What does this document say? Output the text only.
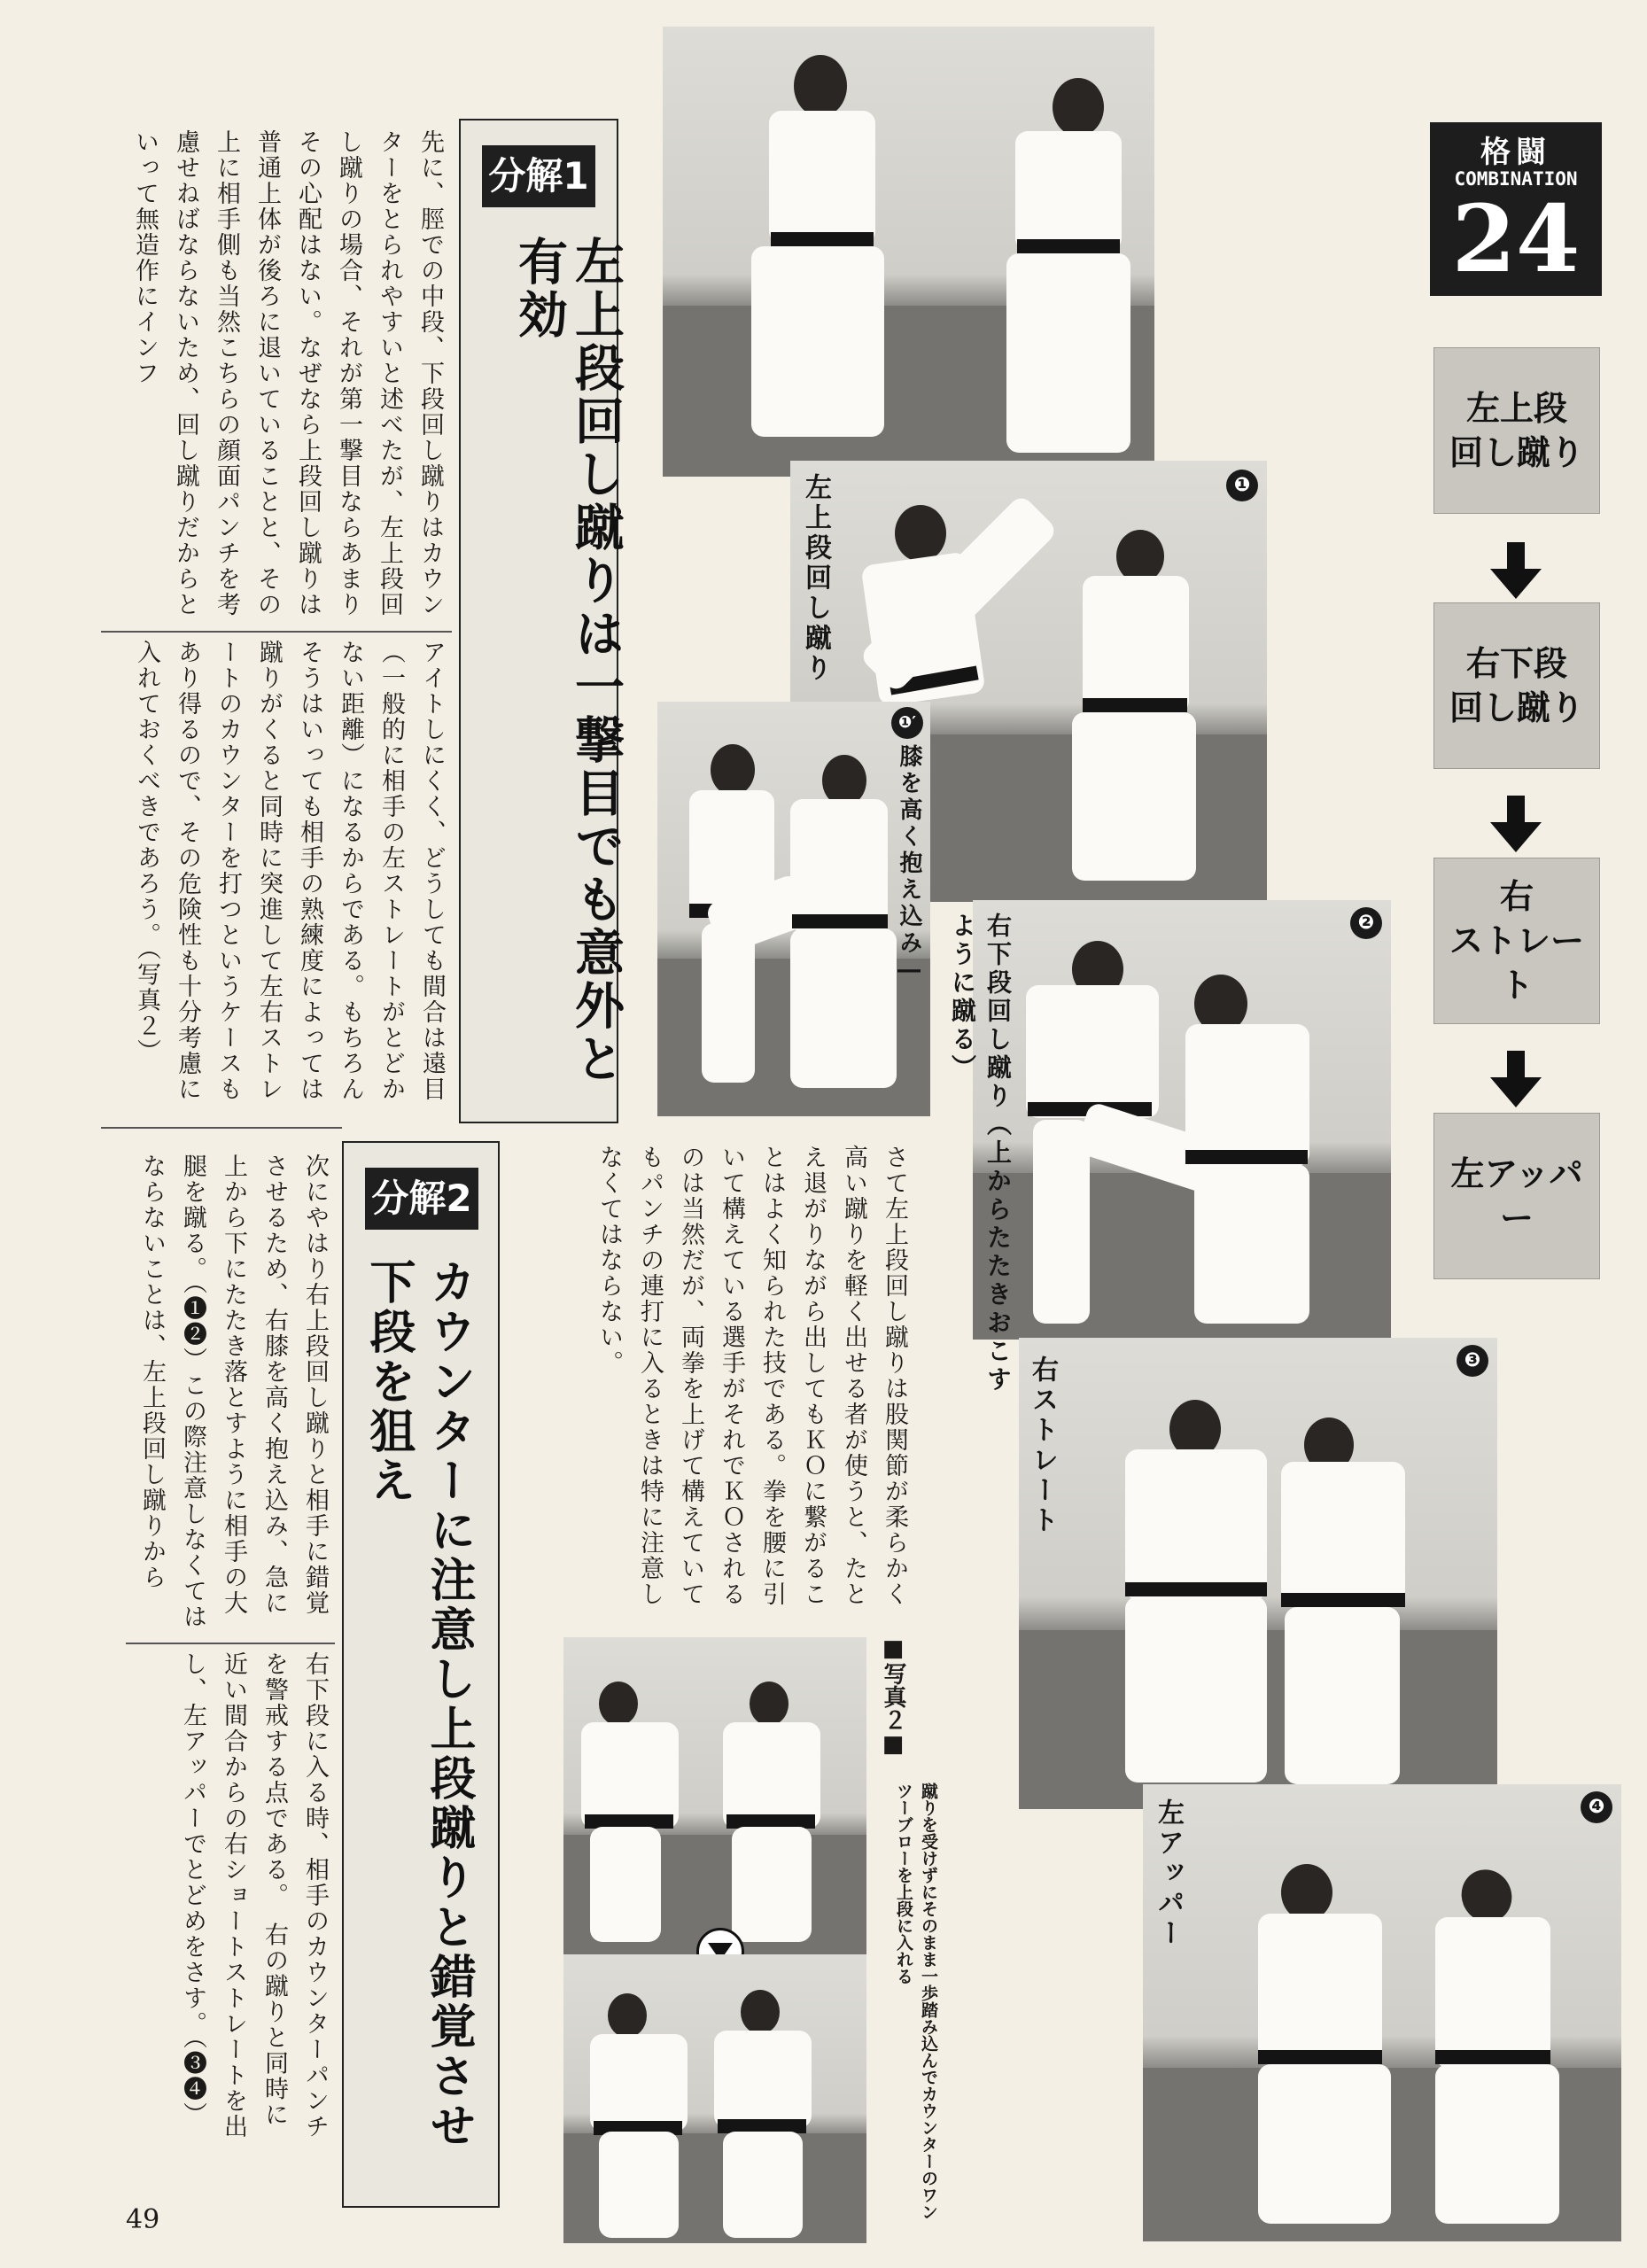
格闘
COMBINATION
24
左上段
回し蹴り
右下段
回し蹴り
右
ストレート
左アッパー
❶
左上段回し蹴り
❶′
膝を高く抱え込み―	❷
右下段回し蹴り（上からたたきおこすように蹴る）
❸
右ストレート
❹
左アッパー
■写真２■
蹴りを受けずにそのまま一歩踏み込んでカウンターのワンツーブローを上段に入れる
分解1
左上段回し蹴りは一撃目でも意外と有効
先に、脛での中段、下段回し蹴りはカウンターをとられやすいと述べたが、左上段回し蹴りの場合、それが第一撃目ならあまりその心配はない。なぜなら上段回し蹴りは普通上体が後ろに退いていることと、その上に相手側も当然こちらの顔面パンチを考慮せねばならないため、回し蹴りだからといって無造作にインフ
アイトしにくく、どうしても間合は遠目（一般的に相手の左ストレートがとどかない距離）になるからである。もちろんそうはいっても相手の熟練度によっては蹴りがくると同時に突進して左右ストレートのカウンターを打つというケースもあり得るので、その危険性も十分考慮に入れておくべきであろう。（写真２）
さて左上段回し蹴りは股関節が柔らかく高い蹴りを軽く出せる者が使うと、たとえ退がりながら出してもＫＯに繋がることはよく知られた技である。拳を腰に引いて構えている選手がそれでＫＯされるのは当然だが、両拳を上げて構えていてもパンチの連打に入るときは特に注意しなくてはならない。
分解2
カウンターに注意し上段蹴りと錯覚させ
下段を狙え
次にやはり右上段回し蹴りと相手に錯覚させるため、右膝を高く抱え込み、急に上から下にたたき落とすように相手の大腿を蹴る。（❶❷）この際注意しなくてはならないことは、左上段回し蹴りから
右下段に入る時、相手のカウンターパンチを警戒する点である。　右の蹴りと同時に近い間合からの右ショートストレートを出し、左アッパーでとどめをさす。（❸❹）
49
